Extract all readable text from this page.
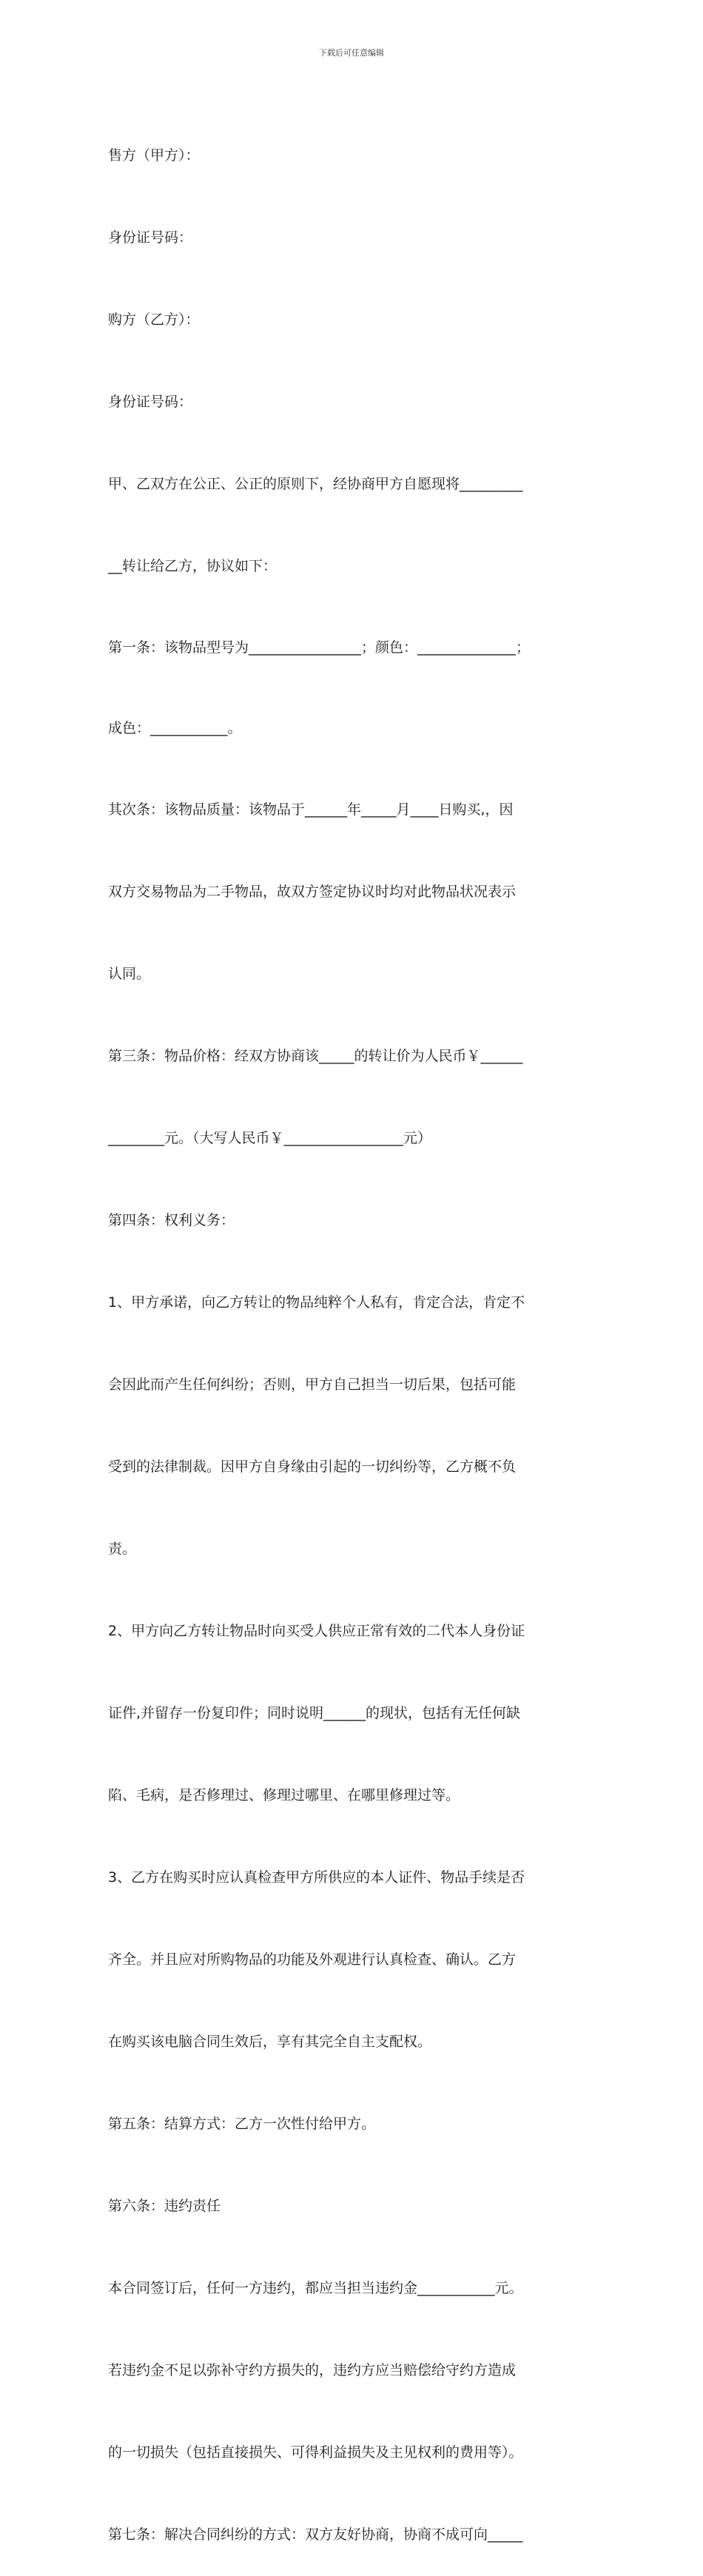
下载后可任意编辑

售方（甲方）：

身份证号码：

购方（乙方）：

身份证号码：

甲、乙双方在公正、公正的原则下，经协商甲方自愿现将_________

__转让给乙方，协议如下：

第一条：该物品型号为________________；颜色：______________；

成色：___________。

其次条：该物品质量：该物品于______年_____月____日购买,，因

双方交易物品为二手物品，故双方签定协议时均对此物品状况表示

认同。

第三条：物品价格：经双方协商该_____的转让价为人民币￥______

________元。（大写人民币￥_________________元）

第四条：权利义务：

1、甲方承诺，向乙方转让的物品纯粹个人私有，肯定合法，肯定不

会因此而产生任何纠纷；否则，甲方自己担当一切后果，包括可能

受到的法律制裁。因甲方自身缘由引起的一切纠纷等，乙方概不负

责。

2、甲方向乙方转让物品时向买受人供应正常有效的二代本人身份证

证件,并留存一份复印件；同时说明______的现状，包括有无任何缺

陷、毛病，是否修理过、修理过哪里、在哪里修理过等。

3、乙方在购买时应认真检查甲方所供应的本人证件、物品手续是否

齐全。并且应对所购物品的功能及外观进行认真检查、确认。乙方

在购买该电脑合同生效后，享有其完全自主支配权。

第五条：结算方式：乙方一次性付给甲方。

第六条：违约责任

本合同签订后，任何一方违约，都应当担当违约金___________元。

若违约金不足以弥补守约方损失的，违约方应当赔偿给守约方造成

的一切损失（包括直接损失、可得利益损失及主见权利的费用等）。

第七条：解决合同纠纷的方式：双方友好协商，协商不成可向_____
